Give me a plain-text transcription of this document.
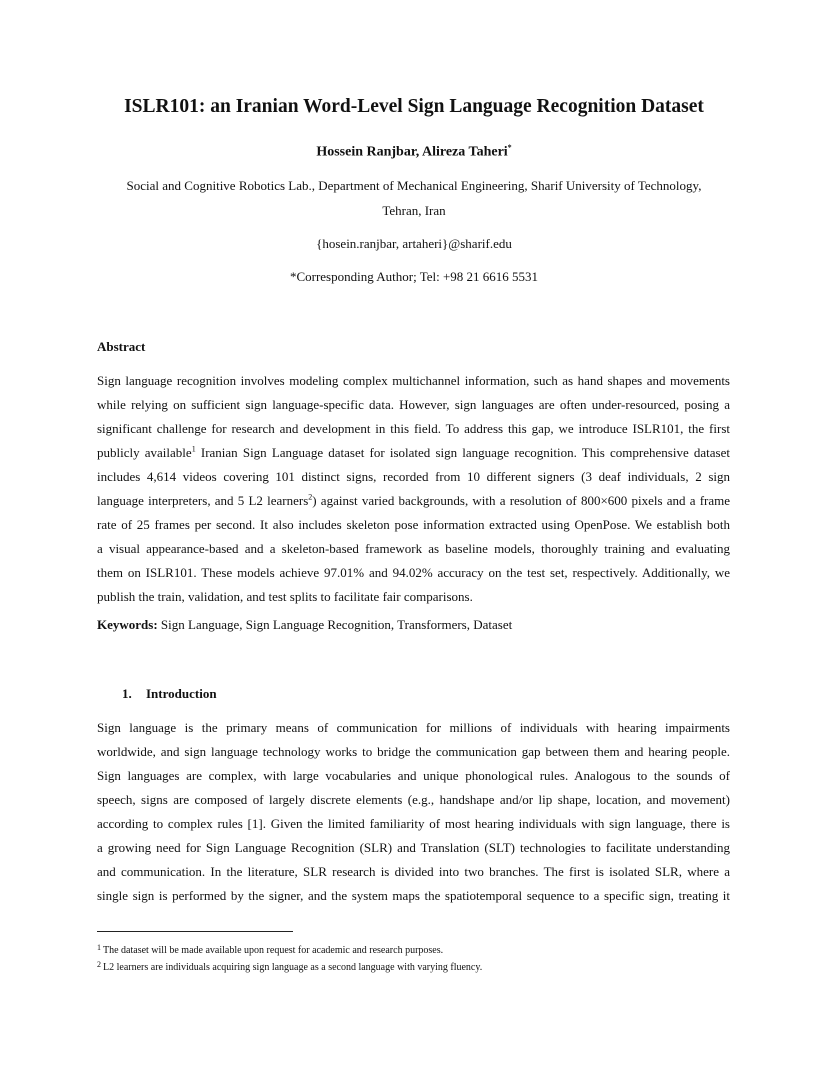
ISLR101: an Iranian Word-Level Sign Language Recognition Dataset
Hossein Ranjbar, Alireza Taheri*
Social and Cognitive Robotics Lab., Department of Mechanical Engineering, Sharif University of Technology,
Tehran, Iran
{hosein.ranjbar, artaheri}@sharif.edu
*Corresponding Author; Tel: +98 21 6616 5531
Abstract
Sign language recognition involves modeling complex multichannel information, such as hand shapes and movements
while relying on sufficient sign language-specific data. However, sign languages are often under-resourced, posing a
significant challenge for research and development in this field. To address this gap, we introduce ISLR101, the first
publicly available$^1$ Iranian Sign Language dataset for isolated sign language recognition. This comprehensive dataset
includes 4,614 videos covering 101 distinct signs, recorded from 10 different signers (3 deaf individuals, 2 sign
language interpreters, and 5 L2 learners$^2$) against varied backgrounds, with a resolution of 800×600 pixels and a frame
rate of 25 frames per second. It also includes skeleton pose information extracted using OpenPose. We establish both
a visual appearance-based and a skeleton-based framework as baseline models, thoroughly training and evaluating
them on ISLR101. These models achieve 97.01% and 94.02% accuracy on the test set, respectively. Additionally, we
publish the train, validation, and test splits to facilitate fair comparisons.
Keywords: Sign Language, Sign Language Recognition, Transformers, Dataset
1. Introduction
Sign language is the primary means of communication for millions of individuals with hearing impairments
worldwide, and sign language technology works to bridge the communication gap between them and hearing people.
Sign languages are complex, with large vocabularies and unique phonological rules. Analogous to the sounds of
speech, signs are composed of largely discrete elements (e.g., handshape and/or lip shape, location, and movement)
according to complex rules [1]. Given the limited familiarity of most hearing individuals with sign language, there is
a growing need for Sign Language Recognition (SLR) and Translation (SLT) technologies to facilitate understanding
and communication. In the literature, SLR research is divided into two branches. The first is isolated SLR, where a
single sign is performed by the signer, and the system maps the spatiotemporal sequence to a specific sign, treating it
$^1$ The dataset will be made available upon request for academic and research purposes.
$^2$ L2 learners are individuals acquiring sign language as a second language with varying fluency.
